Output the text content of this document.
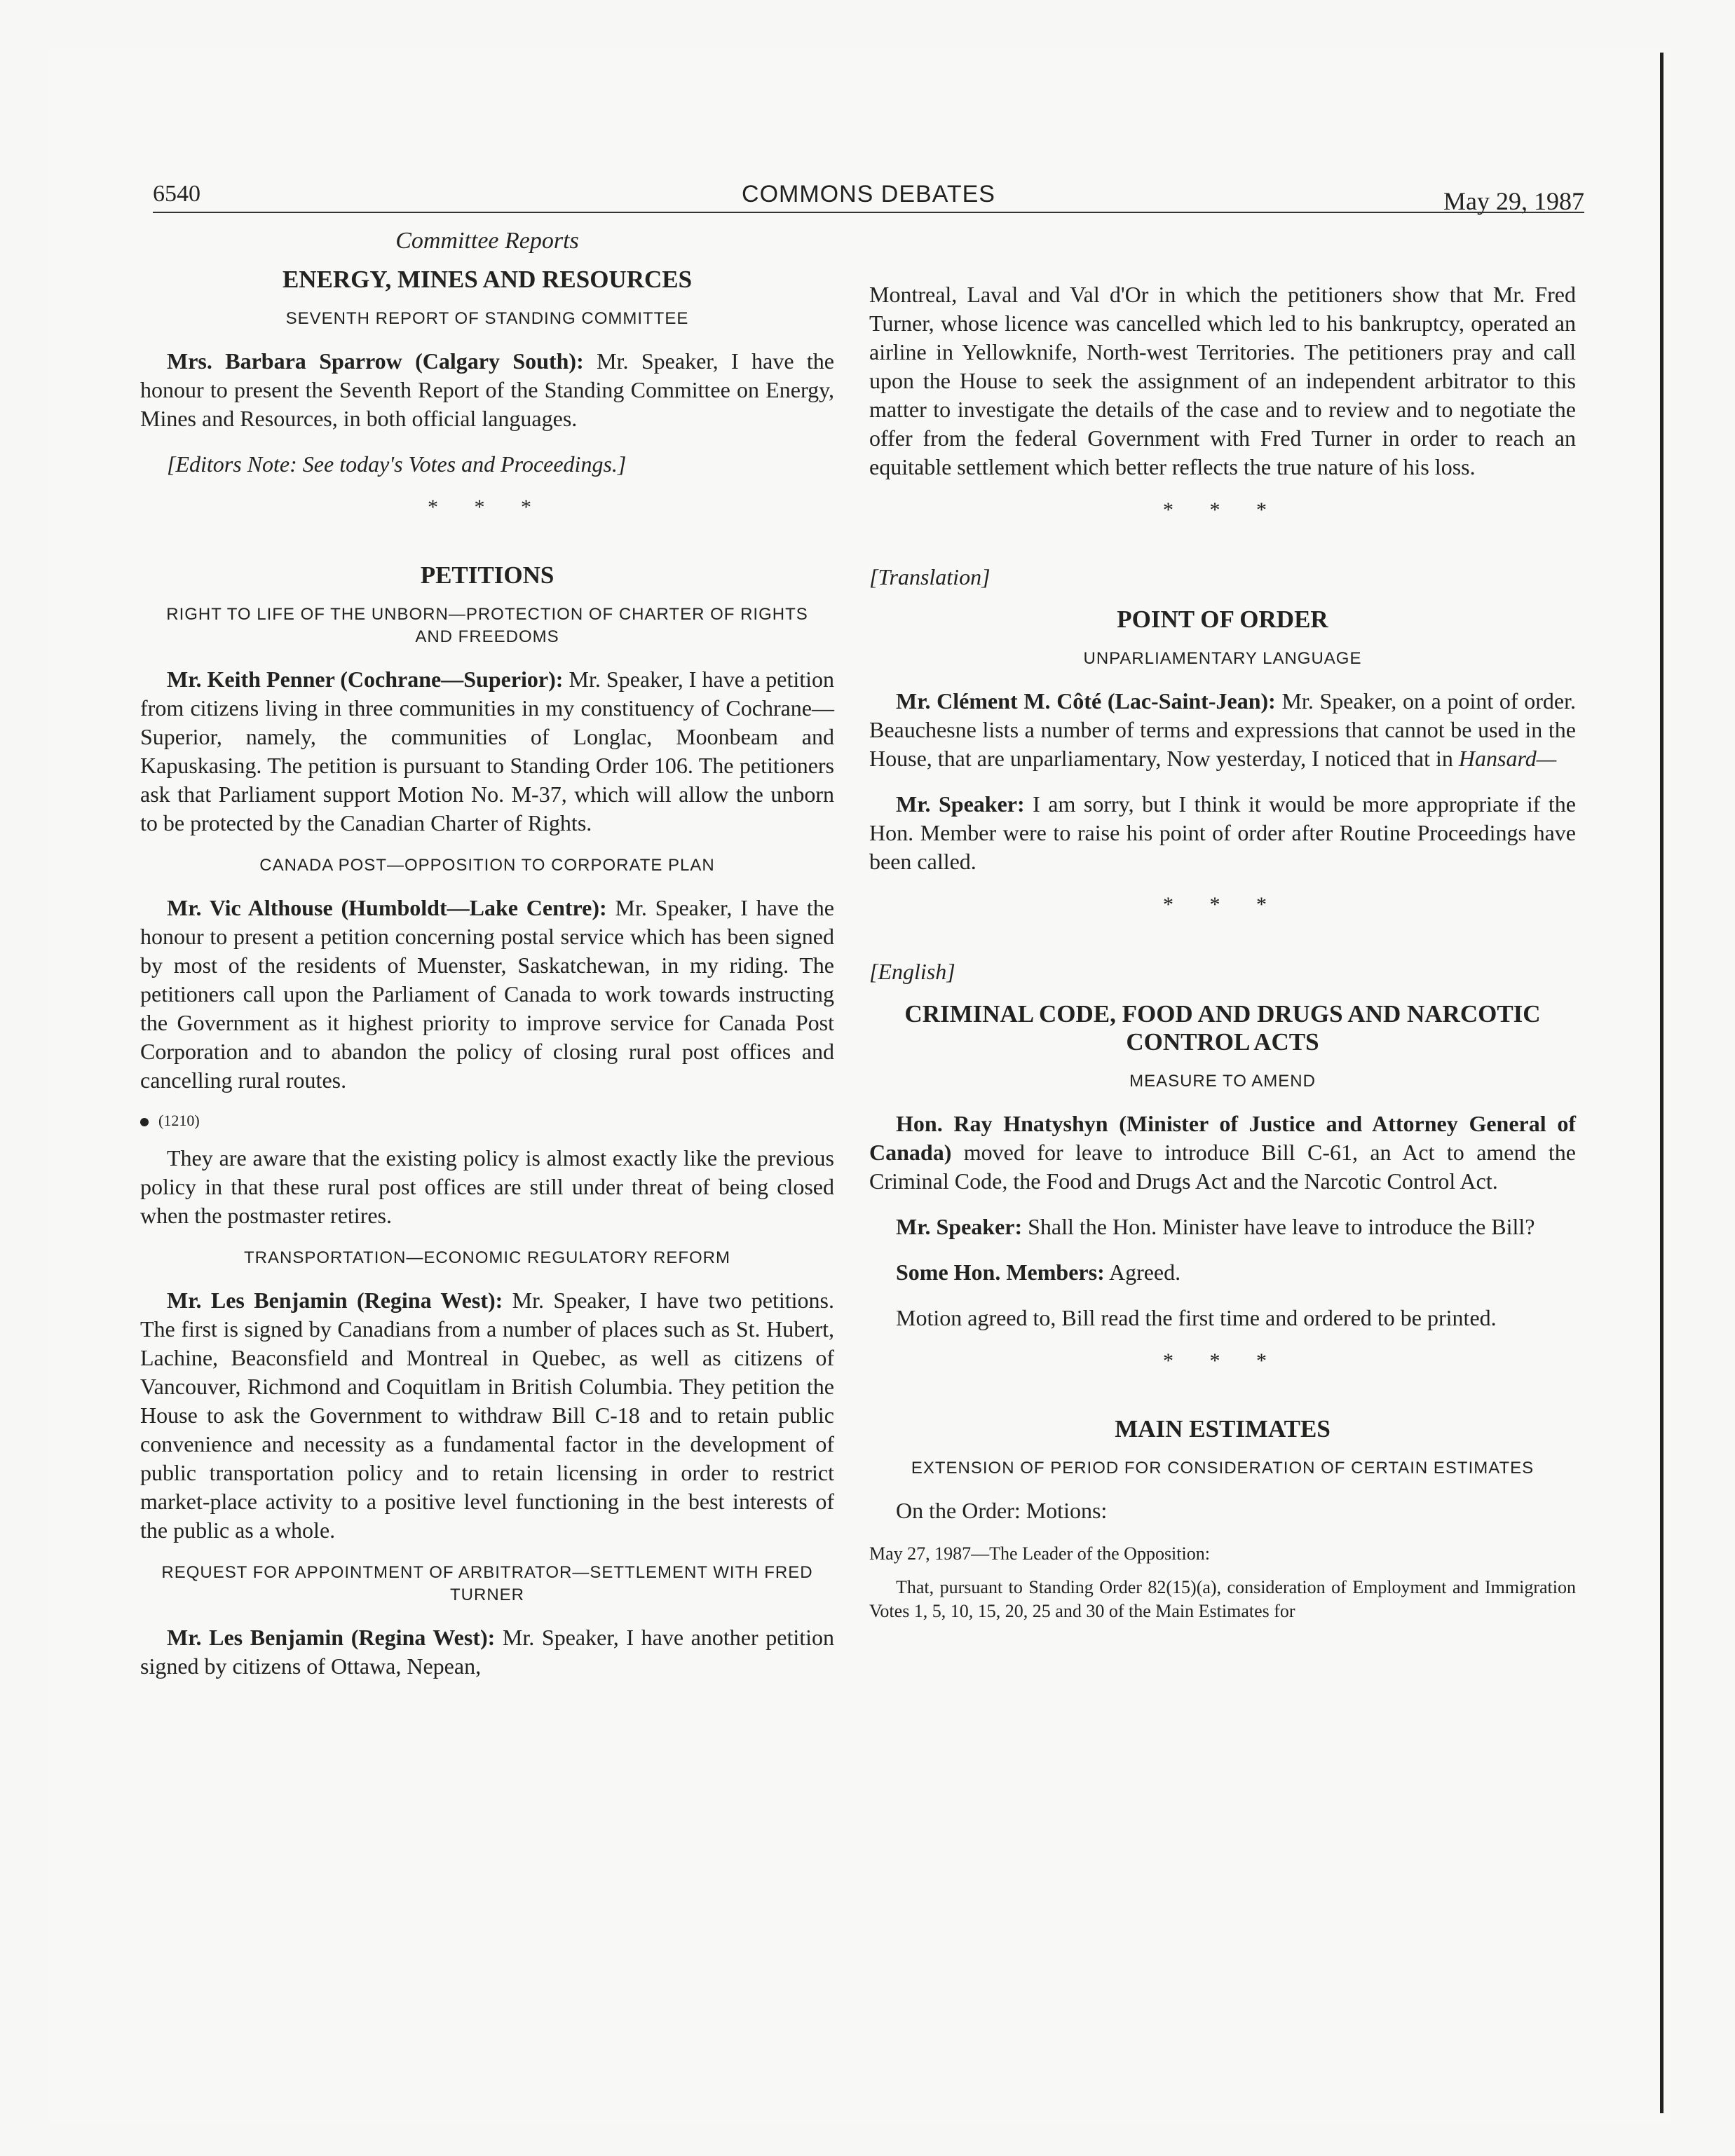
6540	COMMONS DEBATES	May 29, 1987
Committee Reports
ENERGY, MINES AND RESOURCES
SEVENTH REPORT OF STANDING COMMITTEE

Mrs. Barbara Sparrow (Calgary South): Mr. Speaker, I have the honour to present the Seventh Report of the Standing Committee on Energy, Mines and Resources, in both official languages.

[Editors Note: See today's Votes and Proceedings.]

* * *
PETITIONS
RIGHT TO LIFE OF THE UNBORN—PROTECTION OF CHARTER OF RIGHTS AND FREEDOMS

Mr. Keith Penner (Cochrane—Superior): Mr. Speaker, I have a petition from citizens living in three communities in my constituency of Cochrane—Superior, namely, the communities of Longlac, Moonbeam and Kapuskasing. The petition is pursuant to Standing Order 106. The petitioners ask that Parliament support Motion No. M-37, which will allow the unborn to be protected by the Canadian Charter of Rights.

CANADA POST—OPPOSITION TO CORPORATE PLAN

Mr. Vic Althouse (Humboldt—Lake Centre): Mr. Speaker, I have the honour to present a petition concerning postal service which has been signed by most of the residents of Muenster, Saskatchewan, in my riding. The petitioners call upon the Parliament of Canada to work towards instructing the Government as it highest priority to improve service for Canada Post Corporation and to abandon the policy of closing rural post offices and cancelling rural routes.

(1210)

They are aware that the existing policy is almost exactly like the previous policy in that these rural post offices are still under threat of being closed when the postmaster retires.

TRANSPORTATION—ECONOMIC REGULATORY REFORM

Mr. Les Benjamin (Regina West): Mr. Speaker, I have two petitions. The first is signed by Canadians from a number of places such as St. Hubert, Lachine, Beaconsfield and Montreal in Quebec, as well as citizens of Vancouver, Richmond and Coquitlam in British Columbia. They petition the House to ask the Government to withdraw Bill C-18 and to retain public convenience and necessity as a fundamental factor in the development of public transportation policy and to retain licensing in order to restrict market-place activity to a positive level functioning in the best interests of the public as a whole.

REQUEST FOR APPOINTMENT OF ARBITRATOR—SETTLEMENT WITH FRED TURNER

Mr. Les Benjamin (Regina West): Mr. Speaker, I have another petition signed by citizens of Ottawa, Nepean,

Montreal, Laval and Val d'Or in which the petitioners show that Mr. Fred Turner, whose licence was cancelled which led to his bankruptcy, operated an airline in Yellowknife, North-west Territories. The petitioners pray and call upon the House to seek the assignment of an independent arbitrator to this matter to investigate the details of the case and to review and to negotiate the offer from the federal Government with Fred Turner in order to reach an equitable settlement which better reflects the true nature of his loss.

* * *
[Translation]
POINT OF ORDER
UNPARLIAMENTARY LANGUAGE

Mr. Clément M. Côté (Lac-Saint-Jean): Mr. Speaker, on a point of order. Beauchesne lists a number of terms and expressions that cannot be used in the House, that are unparliamentary, Now yesterday, I noticed that in Hansard—

Mr. Speaker: I am sorry, but I think it would be more appropriate if the Hon. Member were to raise his point of order after Routine Proceedings have been called.

* * *
[English]
CRIMINAL CODE, FOOD AND DRUGS AND NARCOTIC CONTROL ACTS
MEASURE TO AMEND

Hon. Ray Hnatyshyn (Minister of Justice and Attorney General of Canada) moved for leave to introduce Bill C-61, an Act to amend the Criminal Code, the Food and Drugs Act and the Narcotic Control Act.

Mr. Speaker: Shall the Hon. Minister have leave to introduce the Bill?

Some Hon. Members: Agreed.

Motion agreed to, Bill read the first time and ordered to be printed.

* * *
MAIN ESTIMATES
EXTENSION OF PERIOD FOR CONSIDERATION OF CERTAIN ESTIMATES

On the Order: Motions:

May 27, 1987—The Leader of the Opposition:

That, pursuant to Standing Order 82(15)(a), consideration of Employment and Immigration Votes 1, 5, 10, 15, 20, 25 and 30 of the Main Estimates for
